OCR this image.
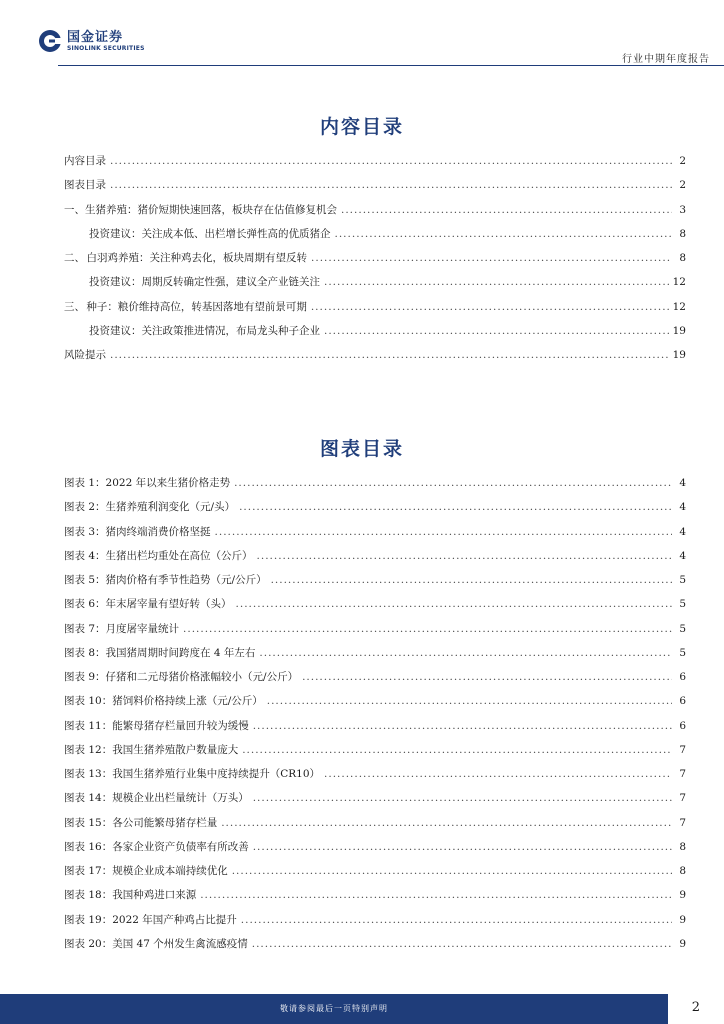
国金证券
SINOLINK SECURITIES
行业中期年度报告
内容目录
内容目录 .....	2
图表目录 .....	2
一、 生猪养殖：猪价短期快速回落，板块存在估值修复机会 .....	3
投资建议：关注成本低、出栏增长弹性高的优质猪企 .....	8
二、 白羽鸡养殖：关注种鸡去化，板块周期有望反转 .....	8
投资建议：周期反转确定性强，建议全产业链关注 .....	12
三、 种子：粮价维持高位，转基因落地有望前景可期 .....	12
投资建议：关注政策推进情况，布局龙头种子企业 .....	19
风险提示 .....	19
图表目录
图表 1： 2022 年以来生猪价格走势 .....	4
图表 2： 生猪养殖利润变化（元/头） .....	4
图表 3： 猪肉终端消费价格坚挺 .....	4
图表 4： 生猪出栏均重处在高位（公斤） .....	4
图表 5： 猪肉价格有季节性趋势（元/公斤） .....	5
图表 6： 年末屠宰量有望好转（头） .....	5
图表 7： 月度屠宰量统计 .....	5
图表 8： 我国猪周期时间跨度在 4 年左右 .....	5
图表 9： 仔猪和二元母猪价格涨幅较小（元/公斤） .....	6
图表 10： 猪饲料价格持续上涨（元/公斤） .....	6
图表 11： 能繁母猪存栏量回升较为缓慢 .....	6
图表 12： 我国生猪养殖散户数量庞大 .....	7
图表 13： 我国生猪养殖行业集中度持续提升（CR10） .....	7
图表 14： 规模企业出栏量统计（万头） .....	7
图表 15： 各公司能繁母猪存栏量 .....	7
图表 16： 各家企业资产负债率有所改善 .....	8
图表 17： 规模企业成本端持续优化 .....	8
图表 18： 我国种鸡进口来源 .....	9
图表 19： 2022 年国产种鸡占比提升 .....	9
图表 20： 美国 47 个州发生禽流感疫情 .....	9
敬请参阅最后一页特别声明	2
